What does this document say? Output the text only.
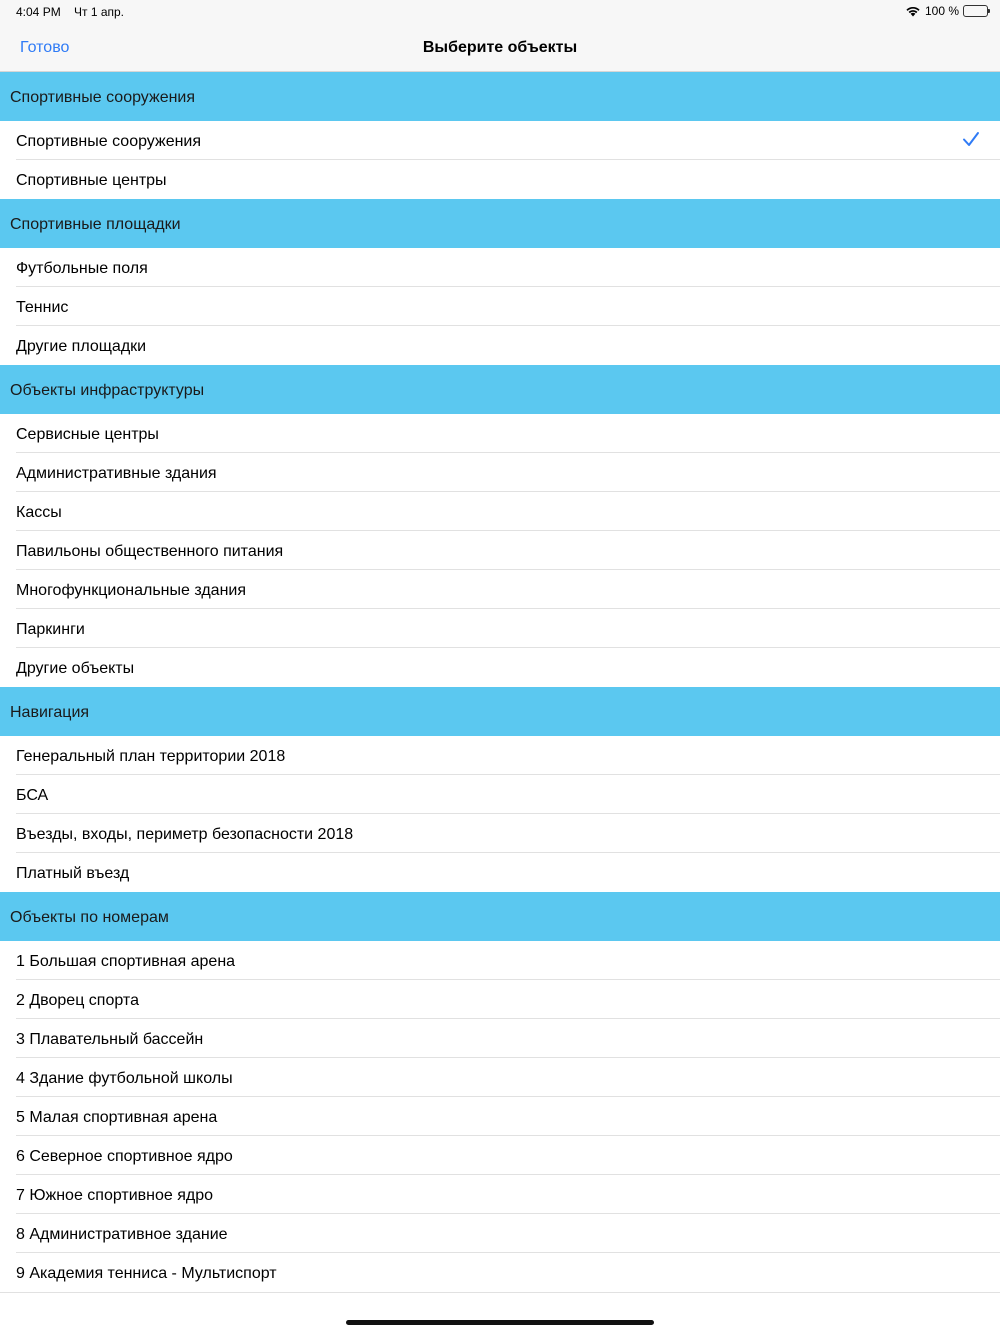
4:04 PM Чт 1 апр.	100 %
Готово	Выберите объекты
Спортивные сооружения
Спортивные сооружения
Спортивные центры
Спортивные площадки
Футбольные поля
Теннис
Другие площадки
Объекты инфраструктуры
Сервисные центры
Административные здания
Кассы
Павильоны общественного питания
Многофункциональные здания
Паркинги
Другие объекты
Навигация
Генеральный план территории 2018
БСА
Въезды, входы, периметр безопасности 2018
Платный въезд
Объекты по номерам
1 Большая спортивная арена
2 Дворец спорта
3 Плавательный бассейн
4 Здание футбольной школы
5 Малая спортивная арена
6 Северное спортивное ядро
7 Южное спортивное ядро
8 Административное здание
9 Академия тенниса - Мультиспорт
